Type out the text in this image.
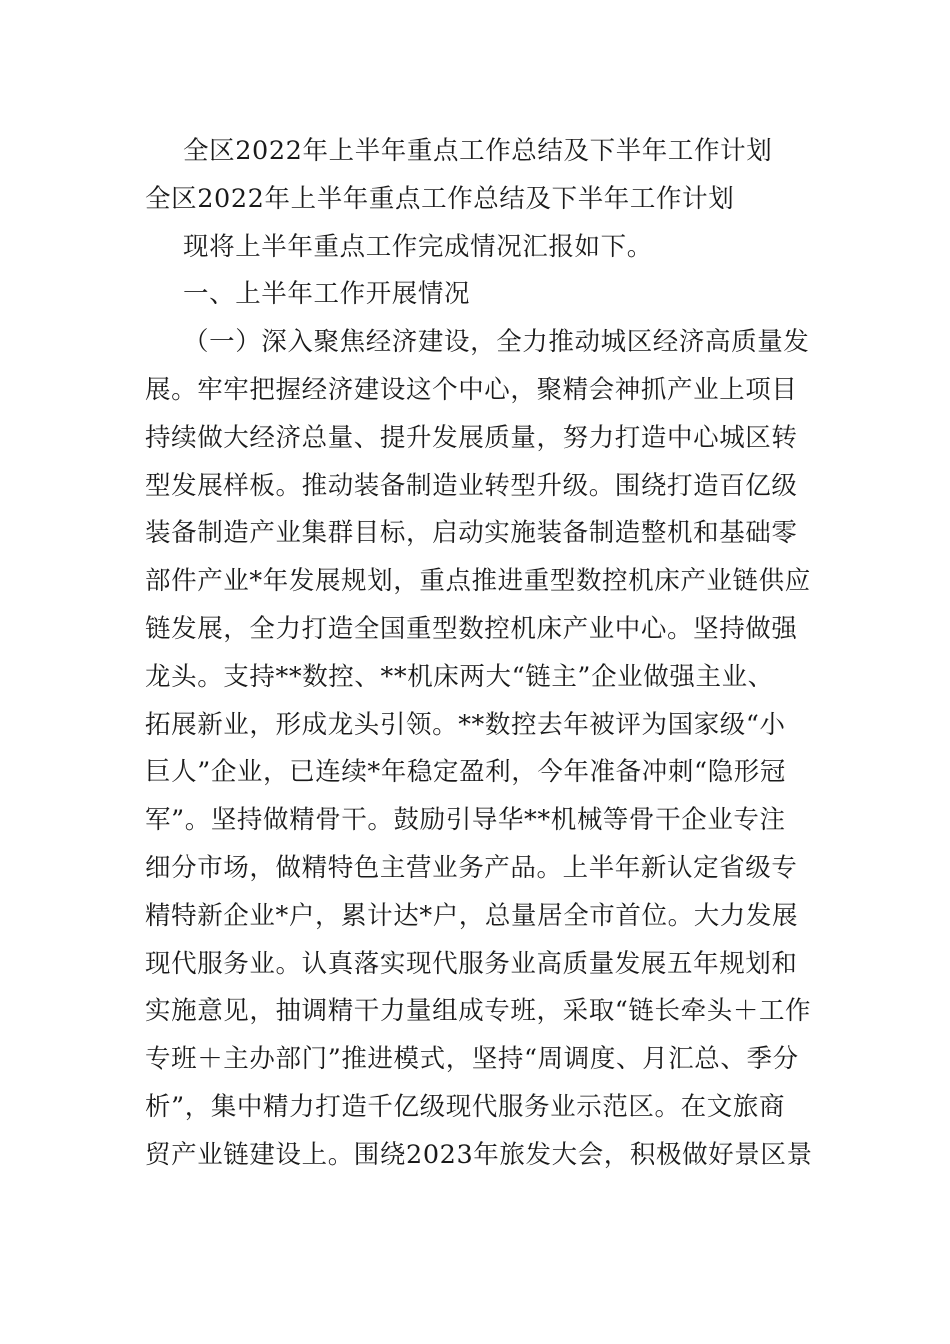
全区2022年上半年重点工作总结及下半年工作计划
全区2022年上半年重点工作总结及下半年工作计划
现将上半年重点工作完成情况汇报如下。
一、上半年工作开展情况
（一）深入聚焦经济建设，全力推动城区经济高质量发
展。牢牢把握经济建设这个中心，聚精会神抓产业上项目
持续做大经济总量、提升发展质量，努力打造中心城区转
型发展样板。推动装备制造业转型升级。围绕打造百亿级
装备制造产业集群目标，启动实施装备制造整机和基础零
部件产业*年发展规划，重点推进重型数控机床产业链供应
链发展，全力打造全国重型数控机床产业中心。坚持做强
龙头。支持**数控、**机床两大“链主”企业做强主业、
拓展新业，形成龙头引领。**数控去年被评为国家级“小
巨人”企业，已连续*年稳定盈利，今年准备冲刺“隐形冠
军”。坚持做精骨干。鼓励引导华**机械等骨干企业专注
细分市场，做精特色主营业务产品。上半年新认定省级专
精特新企业*户，累计达*户，总量居全市首位。大力发展
现代服务业。认真落实现代服务业高质量发展五年规划和
实施意见，抽调精干力量组成专班，采取“链长牵头＋工作
专班＋主办部门”推进模式，坚持“周调度、月汇总、季分
析”，集中精力打造千亿级现代服务业示范区。在文旅商
贸产业链建设上。围绕2023年旅发大会，积极做好景区景
